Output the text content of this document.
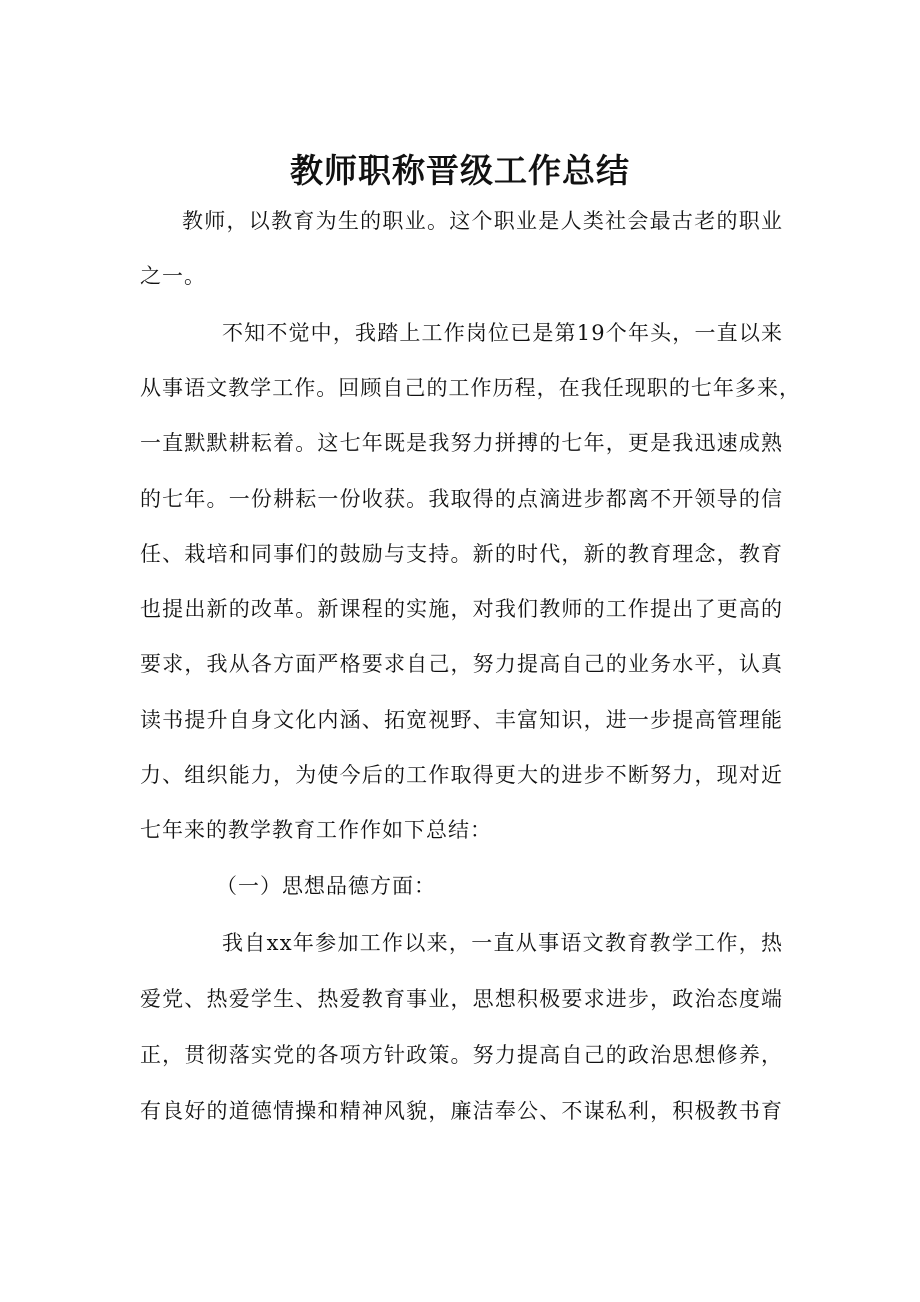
教师职称晋级工作总结

教师，以教育为生的职业。这个职业是人类社会最古老的职业

之一。

不知不觉中，我踏上工作岗位已是第19个年头，一直以来

从事语文教学工作。回顾自己的工作历程，在我任现职的七年多来，

一直默默耕耘着。这七年既是我努力拼搏的七年，更是我迅速成熟

的七年。一份耕耘一份收获。我取得的点滴进步都离不开领导的信

任、栽培和同事们的鼓励与支持。新的时代，新的教育理念，教育

也提出新的改革。新课程的实施，对我们教师的工作提出了更高的

要求，我从各方面严格要求自己，努力提高自己的业务水平，认真

读书提升自身文化内涵、拓宽视野、丰富知识，进一步提高管理能

力、组织能力，为使今后的工作取得更大的进步不断努力，现对近

七年来的教学教育工作作如下总结：

（一）思想品德方面：

我自xx年参加工作以来，一直从事语文教育教学工作，热

爱党、热爱学生、热爱教育事业，思想积极要求进步，政治态度端

正，贯彻落实党的各项方针政策。努力提高自己的政治思想修养，

有良好的道德情操和精神风貌，廉洁奉公、不谋私利，积极教书育
